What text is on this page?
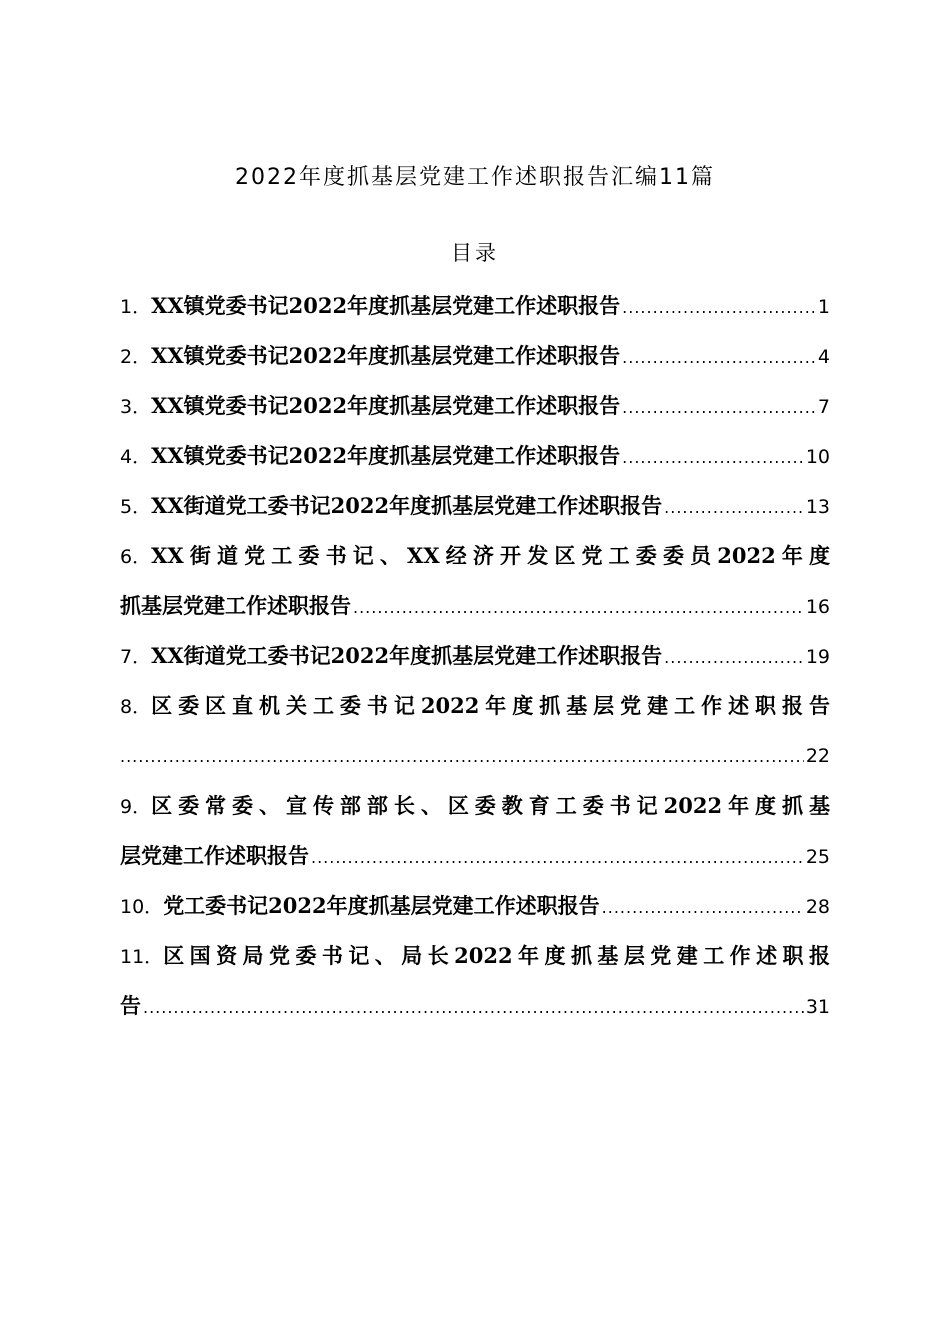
2022年度抓基层党建工作述职报告汇编11篇
目录
1． XX镇党委书记2022年度抓基层党建工作述职报告 .....	1
2． XX镇党委书记2022年度抓基层党建工作述职报告 .....	4
3． XX镇党委书记2022年度抓基层党建工作述职报告 .....	7
4． XX镇党委书记2022年度抓基层党建工作述职报告 .....	10
5． XX街道党工委书记2022年度抓基层党建工作述职报告 .....	13
6． XX街道党工委书记、XX经济开发区党工委委员2022年度
抓基层党建工作述职报告 .....	16
7． XX街道党工委书记2022年度抓基层党建工作述职报告 .....	19
8． 区委区直机关工委书记2022年度抓基层党建工作述职报告
.....
22
9． 区委常委、宣传部部长、区委教育工委书记2022年度抓基
层党建工作述职报告 .....	25
10． 党工委书记2022年度抓基层党建工作述职报告 .....	28
11． 区国资局党委书记、局长2022年度抓基层党建工作述职报
告 .....	31
